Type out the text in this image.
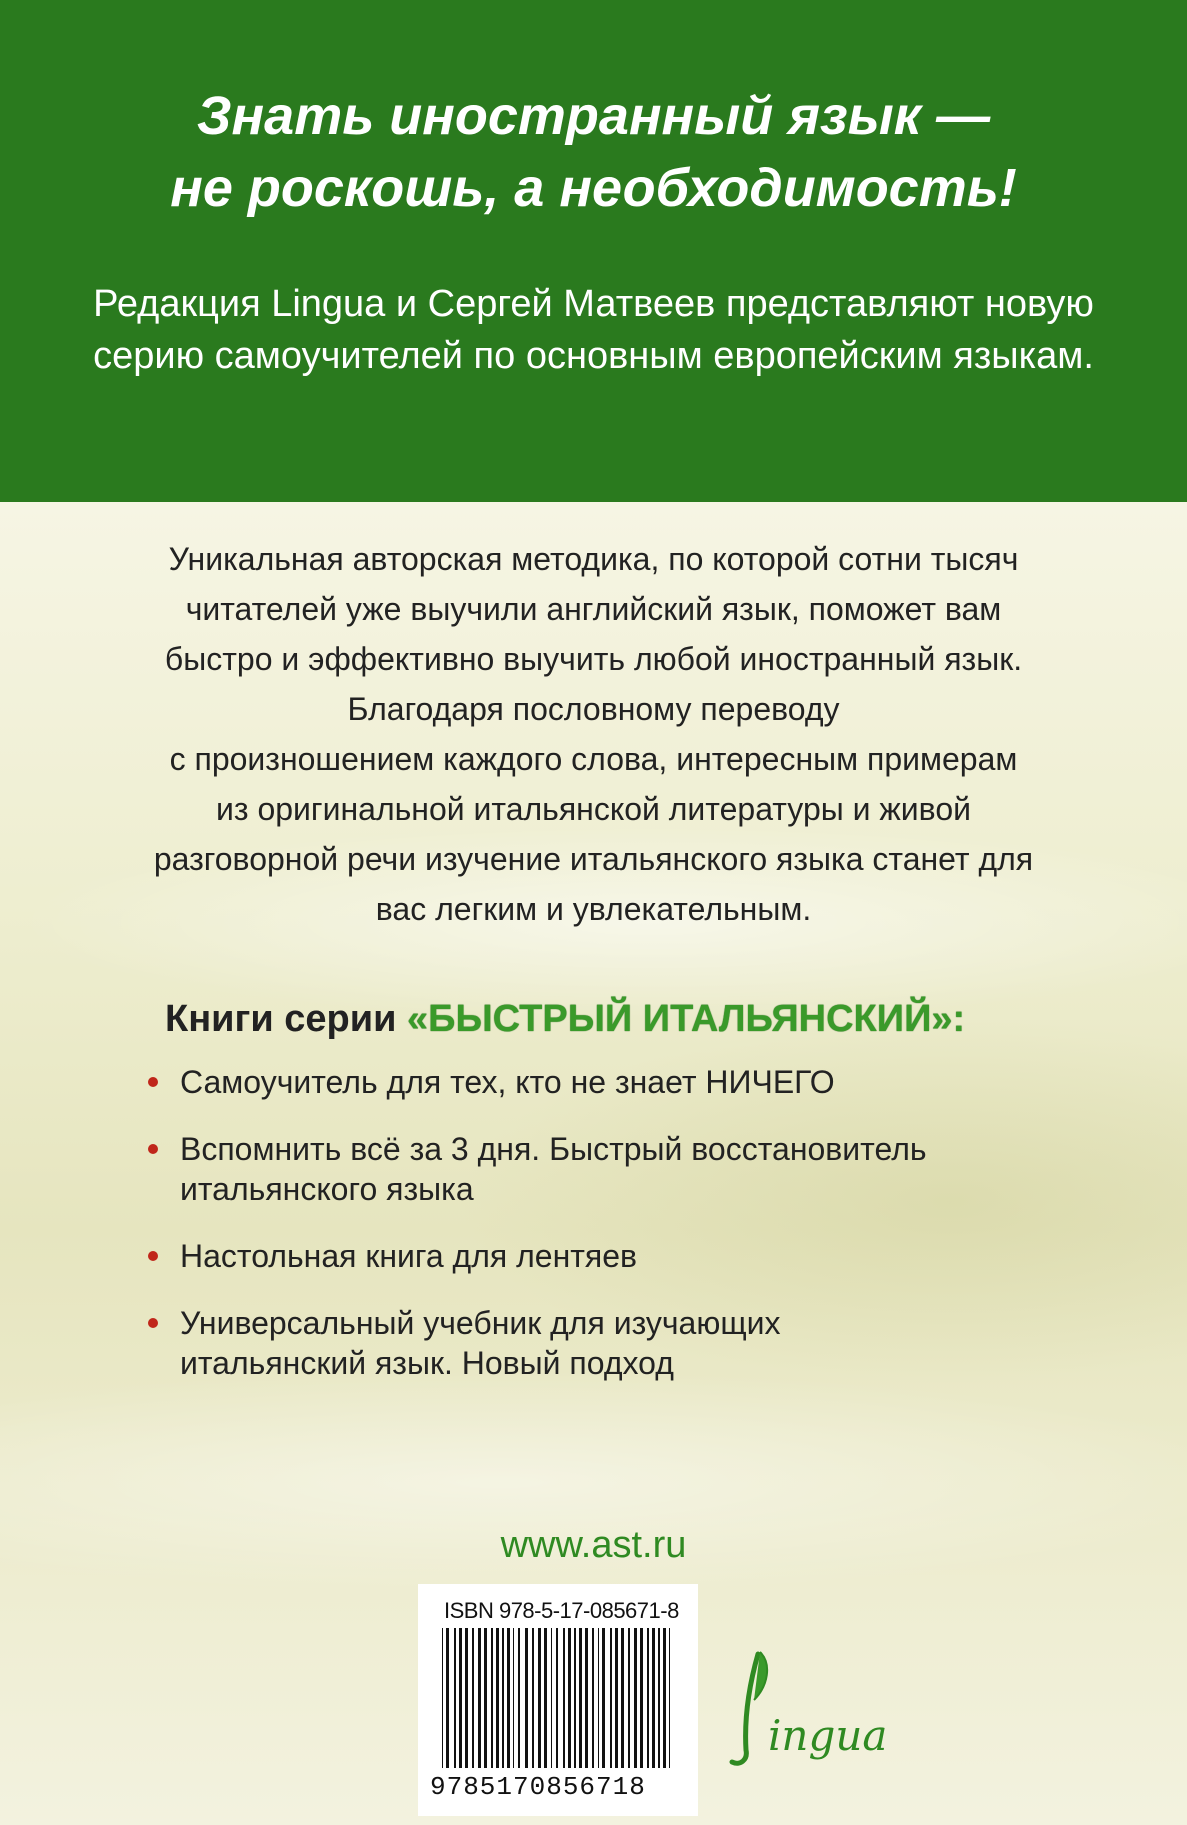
Знать иностранный язык —
не роскошь, а необходимость!
Редакция Lingua и Сергей Матвеев представляют новую серию самоучителей по основным европейским языкам.
Уникальная авторская методика, по которой сотни тысяч
читателей уже выучили английский язык, поможет вам
быстро и эффективно выучить любой иностранный язык.
Благодаря пословному переводу
с произношением каждого слова, интересным примерам
из оригинальной итальянской литературы и живой
разговорной речи изучение итальянского языка станет для
вас легким и увлекательным.
Книги серии «БЫСТРЫЙ ИТАЛЬЯНСКИЙ»:
Самоучитель для тех, кто не знает НИЧЕГО
Вспомнить всё за 3 дня. Быстрый восстановитель
итальянского языка
Настольная книга для лентяев
Универсальный учебник для изучающих
итальянский язык. Новый подход
www.ast.ru
ISBN 978-5-17-085671-8
9785170856718
ingua
